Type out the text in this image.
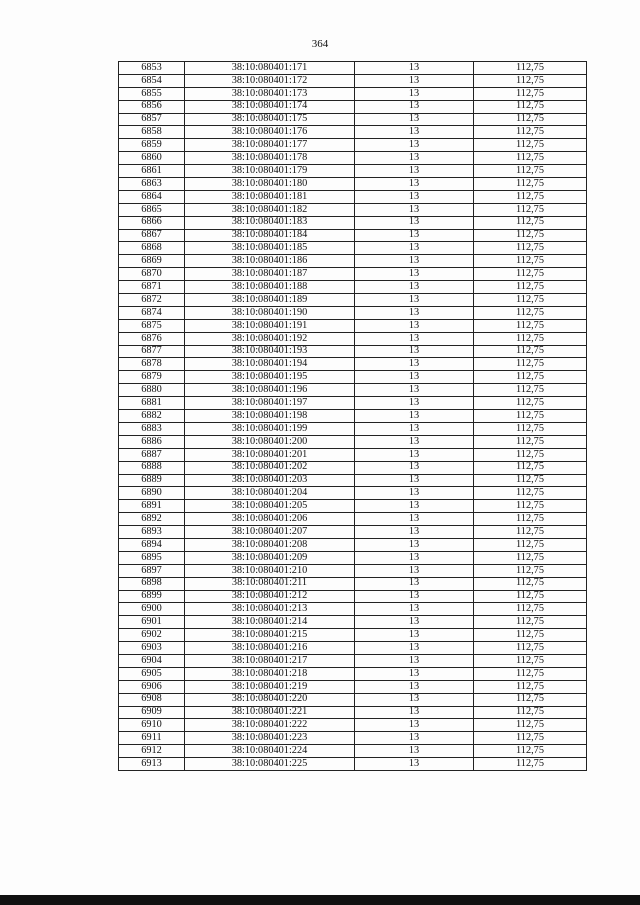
364
6853	38:10:080401:171	13	112,75
6854	38:10:080401:172	13	112,75
6855	38:10:080401:173	13	112,75
6856	38:10:080401:174	13	112,75
6857	38:10:080401:175	13	112,75
6858	38:10:080401:176	13	112,75
6859	38:10:080401:177	13	112,75
6860	38:10:080401:178	13	112,75
6861	38:10:080401:179	13	112,75
6863	38:10:080401:180	13	112,75
6864	38:10:080401:181	13	112,75
6865	38:10:080401:182	13	112,75
6866	38:10:080401:183	13	112,75
6867	38:10:080401:184	13	112,75
6868	38:10:080401:185	13	112,75
6869	38:10:080401:186	13	112,75
6870	38:10:080401:187	13	112,75
6871	38:10:080401:188	13	112,75
6872	38:10:080401:189	13	112,75
6874	38:10:080401:190	13	112,75
6875	38:10:080401:191	13	112,75
6876	38:10:080401:192	13	112,75
6877	38:10:080401:193	13	112,75
6878	38:10:080401:194	13	112,75
6879	38:10:080401:195	13	112,75
6880	38:10:080401:196	13	112,75
6881	38:10:080401:197	13	112,75
6882	38:10:080401:198	13	112,75
6883	38:10:080401:199	13	112,75
6886	38:10:080401:200	13	112,75
6887	38:10:080401:201	13	112,75
6888	38:10:080401:202	13	112,75
6889	38:10:080401:203	13	112,75
6890	38:10:080401:204	13	112,75
6891	38:10:080401:205	13	112,75
6892	38:10:080401:206	13	112,75
6893	38:10:080401:207	13	112,75
6894	38:10:080401:208	13	112,75
6895	38:10:080401:209	13	112,75
6897	38:10:080401:210	13	112,75
6898	38:10:080401:211	13	112,75
6899	38:10:080401:212	13	112,75
6900	38:10:080401:213	13	112,75
6901	38:10:080401:214	13	112,75
6902	38:10:080401:215	13	112,75
6903	38:10:080401:216	13	112,75
6904	38:10:080401:217	13	112,75
6905	38:10:080401:218	13	112,75
6906	38:10:080401:219	13	112,75
6908	38:10:080401:220	13	112,75
6909	38:10:080401:221	13	112,75
6910	38:10:080401:222	13	112,75
6911	38:10:080401:223	13	112,75
6912	38:10:080401:224	13	112,75
6913	38:10:080401:225	13	112,75
